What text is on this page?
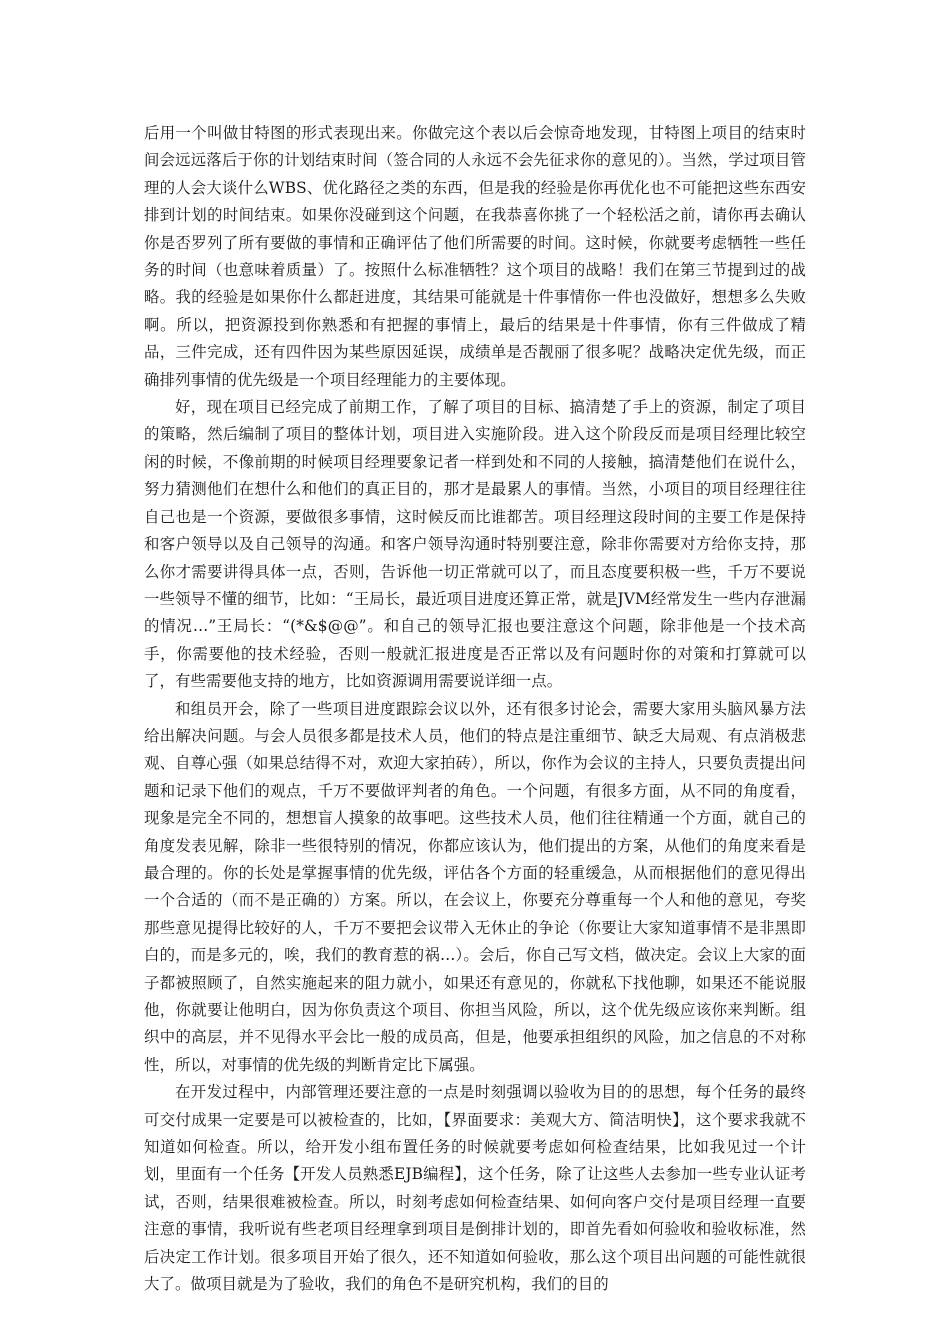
后用一个叫做甘特图的形式表现出来。你做完这个表以后会惊奇地发现，甘特图上项目的结束时间会远远落后于你的计划结束时间（签合同的人永远不会先征求你的意见的）。当然，学过项目管理的人会大谈什么WBS、优化路径之类的东西，但是我的经验是你再优化也不可能把这些东西安排到计划的时间结束。如果你没碰到这个问题，在我恭喜你挑了一个轻松活之前，请你再去确认你是否罗列了所有要做的事情和正确评估了他们所需要的时间。这时候，你就要考虑牺牲一些任务的时间（也意味着质量）了。按照什么标准牺牲？这个项目的战略！我们在第三节提到过的战略。我的经验是如果你什么都赶进度，其结果可能就是十件事情你一件也没做好，想想多么失败啊。所以，把资源投到你熟悉和有把握的事情上，最后的结果是十件事情，你有三件做成了精品，三件完成，还有四件因为某些原因延误，成绩单是否靓丽了很多呢？战略决定优先级，而正确排列事情的优先级是一个项目经理能力的主要体现。

好，现在项目已经完成了前期工作，了解了项目的目标、搞清楚了手上的资源，制定了项目的策略，然后编制了项目的整体计划，项目进入实施阶段。进入这个阶段反而是项目经理比较空闲的时候，不像前期的时候项目经理要象记者一样到处和不同的人接触，搞清楚他们在说什么，努力猜测他们在想什么和他们的真正目的，那才是最累人的事情。当然，小项目的项目经理往往自己也是一个资源，要做很多事情，这时候反而比谁都苦。项目经理这段时间的主要工作是保持和客户领导以及自己领导的沟通。和客户领导沟通时特别要注意，除非你需要对方给你支持，那么你才需要讲得具体一点，否则，告诉他一切正常就可以了，而且态度要积极一些，千万不要说一些领导不懂的细节，比如：“王局长，最近项目进度还算正常，就是JVM经常发生一些内存泄漏的情况…”王局长：“(*&$@@”。和自己的领导汇报也要注意这个问题，除非他是一个技术高手，你需要他的技术经验，否则一般就汇报进度是否正常以及有问题时你的对策和打算就可以了，有些需要他支持的地方，比如资源调用需要说详细一点。

和组员开会，除了一些项目进度跟踪会议以外，还有很多讨论会，需要大家用头脑风暴方法给出解决问题。与会人员很多都是技术人员，他们的特点是注重细节、缺乏大局观、有点消极悲观、自尊心强（如果总结得不对，欢迎大家拍砖），所以，你作为会议的主持人，只要负责提出问题和记录下他们的观点，千万不要做评判者的角色。一个问题，有很多方面，从不同的角度看，现象是完全不同的，想想盲人摸象的故事吧。这些技术人员，他们往往精通一个方面，就自己的角度发表见解，除非一些很特别的情况，你都应该认为，他们提出的方案，从他们的角度来看是最合理的。你的长处是掌握事情的优先级，评估各个方面的轻重缓急，从而根据他们的意见得出一个合适的（而不是正确的）方案。所以，在会议上，你要充分尊重每一个人和他的意见，夸奖那些意见提得比较好的人，千万不要把会议带入无休止的争论（你要让大家知道事情不是非黑即白的，而是多元的，唉，我们的教育惹的祸…）。会后，你自己写文档，做决定。会议上大家的面子都被照顾了，自然实施起来的阻力就小，如果还有意见的，你就私下找他聊，如果还不能说服他，你就要让他明白，因为你负责这个项目、你担当风险，所以，这个优先级应该你来判断。组织中的高层，并不见得水平会比一般的成员高，但是，他要承担组织的风险，加之信息的不对称性，所以，对事情的优先级的判断肯定比下属强。

在开发过程中，内部管理还要注意的一点是时刻强调以验收为目的的思想，每个任务的最终可交付成果一定要是可以被检查的，比如，【界面要求：美观大方、简洁明快】，这个要求我就不知道如何检查。所以，给开发小组布置任务的时候就要考虑如何检查结果，比如我见过一个计划，里面有一个任务【开发人员熟悉EJB编程】，这个任务，除了让这些人去参加一些专业认证考试，否则，结果很难被检查。所以，时刻考虑如何检查结果、如何向客户交付是项目经理一直要注意的事情，我听说有些老项目经理拿到项目是倒排计划的，即首先看如何验收和验收标准，然后决定工作计划。很多项目开始了很久，还不知道如何验收，那么这个项目出问题的可能性就很大了。做项目就是为了验收，我们的角色不是研究机构，我们的目的
